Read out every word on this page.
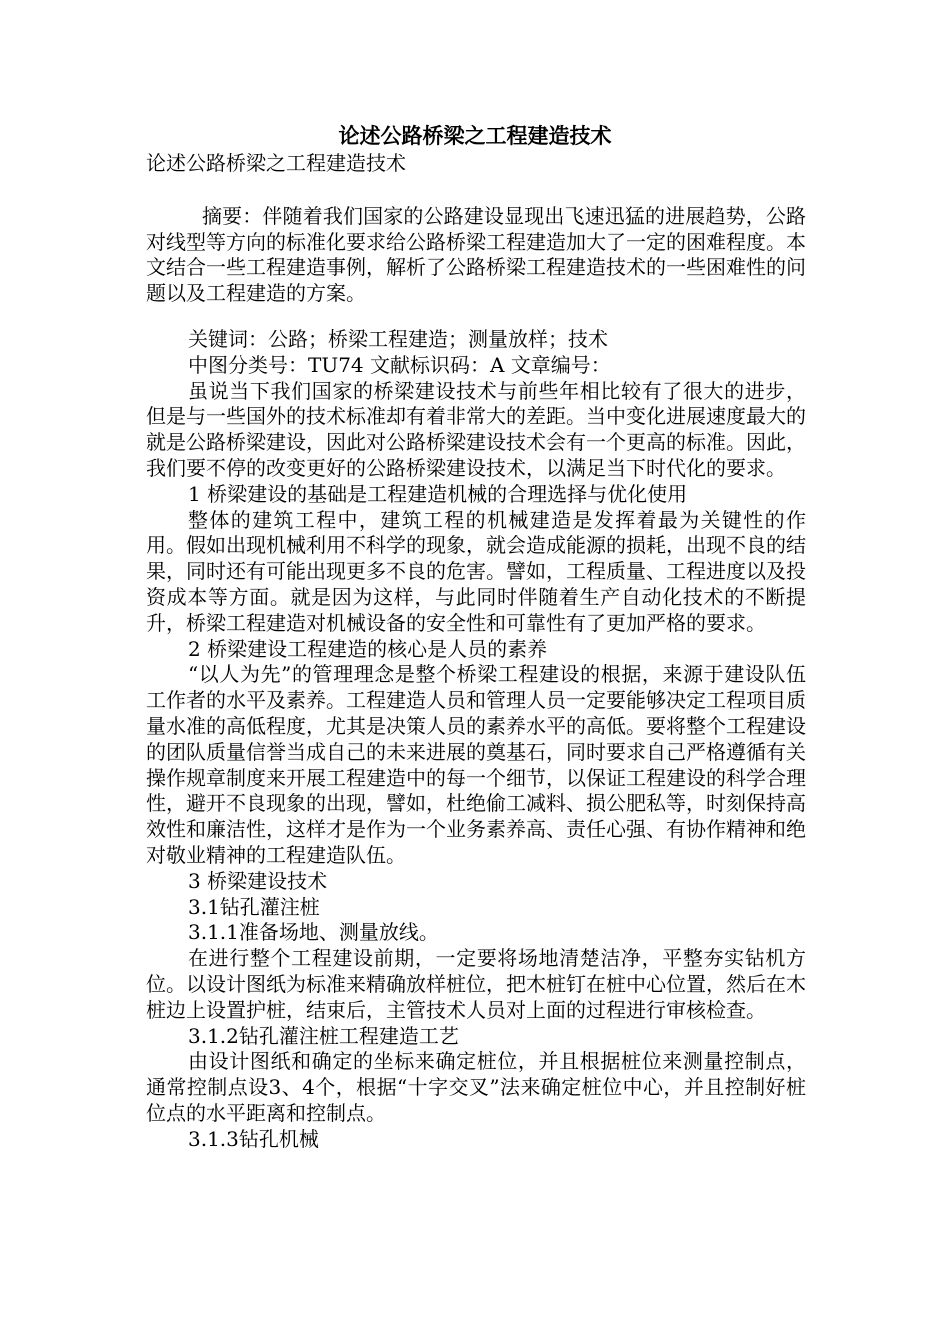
论述公路桥梁之工程建造技术

论述公路桥梁之工程建造技术

摘要：伴随着我们国家的公路建设显现出飞速迅猛的进展趋势，公路对线型等方向的标准化要求给公路桥梁工程建造加大了一定的困难程度。本文结合一些工程建造事例，解析了公路桥梁工程建造技术的一些困难性的问题以及工程建造的方案。

关键词：公路；桥梁工程建造；测量放样；技术

中图分类号：TU74 文献标识码：A 文章编号：

虽说当下我们国家的桥梁建设技术与前些年相比较有了很大的进步，但是与一些国外的技术标准却有着非常大的差距。当中变化进展速度最大的就是公路桥梁建设，因此对公路桥梁建设技术会有一个更高的标准。因此，我们要不停的改变更好的公路桥梁建设技术，以满足当下时代化的要求。

1 桥梁建设的基础是工程建造机械的合理选择与优化使用

整体的建筑工程中，建筑工程的机械建造是发挥着最为关键性的作用。假如出现机械利用不科学的现象，就会造成能源的损耗，出现不良的结果，同时还有可能出现更多不良的危害。譬如，工程质量、工程进度以及投资成本等方面。就是因为这样，与此同时伴随着生产自动化技术的不断提升，桥梁工程建造对机械设备的安全性和可靠性有了更加严格的要求。

2 桥梁建设工程建造的核心是人员的素养

“以人为先”的管理理念是整个桥梁工程建设的根据，来源于建设队伍工作者的水平及素养。工程建造人员和管理人员一定要能够决定工程项目质量水准的高低程度，尤其是决策人员的素养水平的高低。要将整个工程建设的团队质量信誉当成自己的未来进展的奠基石，同时要求自己严格遵循有关操作规章制度来开展工程建造中的每一个细节，以保证工程建设的科学合理性，避开不良现象的出现，譬如，杜绝偷工减料、损公肥私等，时刻保持高效性和廉洁性，这样才是作为一个业务素养高、责任心强、有协作精神和绝对敬业精神的工程建造队伍。

3 桥梁建设技术

3.1钻孔灌注桩

3.1.1准备场地、测量放线。

在进行整个工程建设前期，一定要将场地清楚洁净，平整夯实钻机方位。以设计图纸为标准来精确放样桩位，把木桩钉在桩中心位置，然后在木桩边上设置护桩，结束后，主管技术人员对上面的过程进行审核检查。

3.1.2钻孔灌注桩工程建造工艺

由设计图纸和确定的坐标来确定桩位，并且根据桩位来测量控制点，通常控制点设3、4个，根据“十字交叉”法来确定桩位中心，并且控制好桩位点的水平距离和控制点。

3.1.3钻孔机械
